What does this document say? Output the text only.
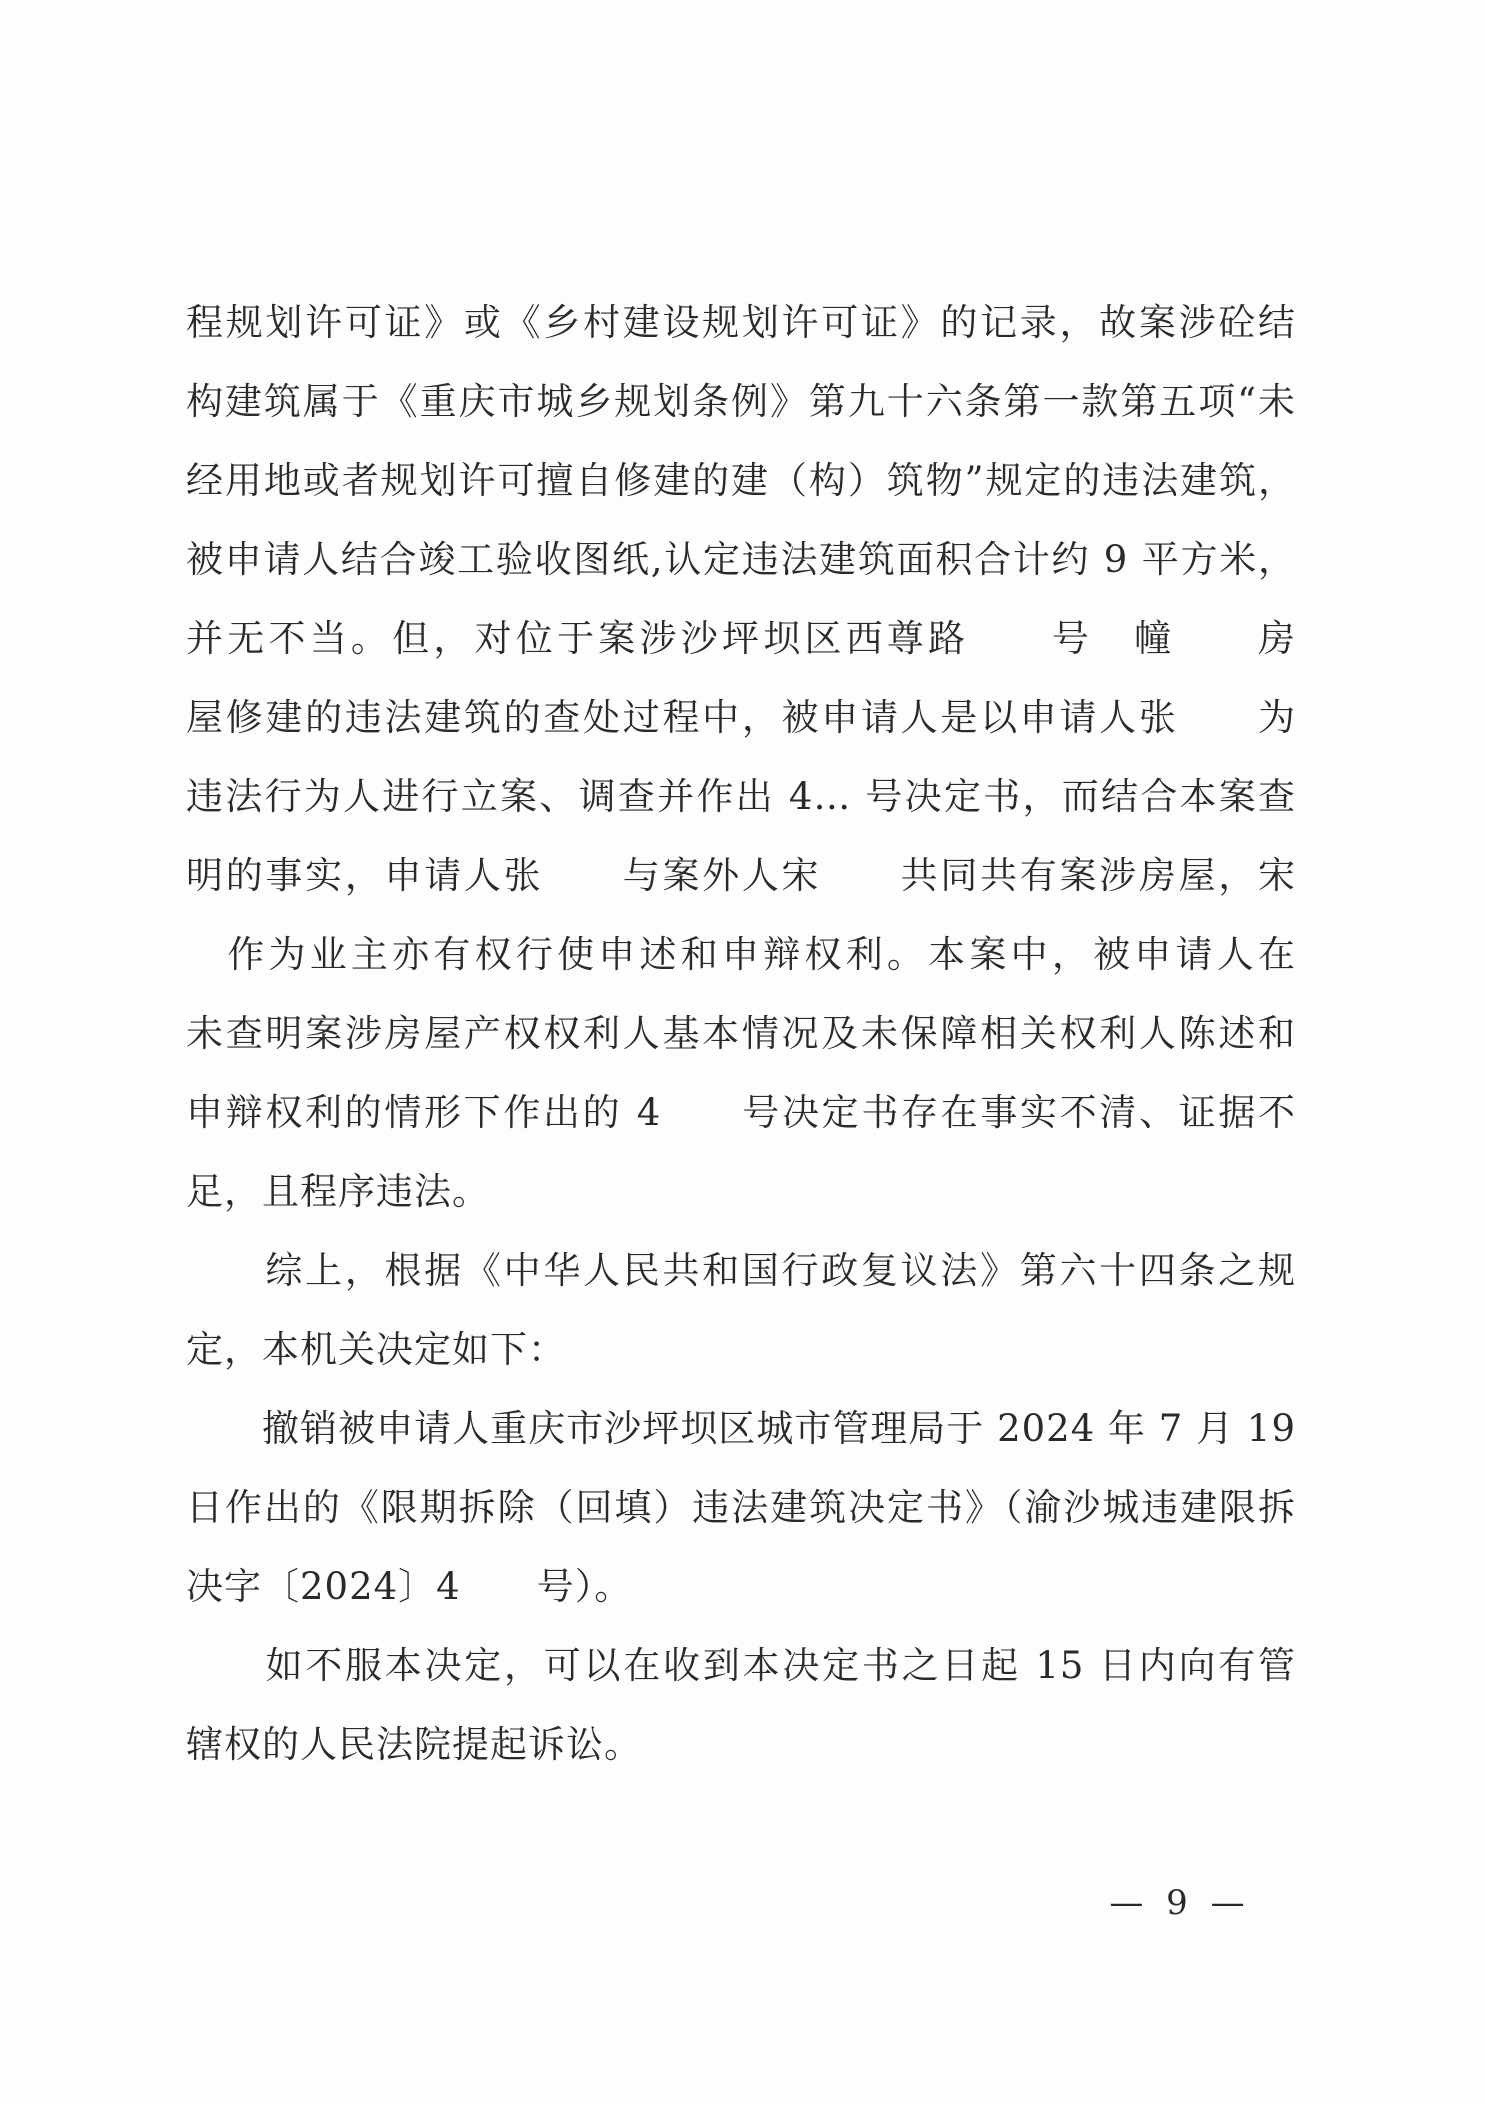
程规划许可证》或《乡村建设规划许可证》的记录，故案涉砼结
构建筑属于《重庆市城乡规划条例》第九十六条第一款第五项“未
经用地或者规划许可擅自修建的建（构）筑物”规定的违法建筑，
被申请人结合竣工验收图纸,认定违法建筑面积合计约 9 平方米，
并无不当。但，对位于案涉沙坪坝区西尊路　　号　幢　　房
屋修建的违法建筑的查处过程中，被申请人是以申请人张　　为
违法行为人进行立案、调查并作出 4… 号决定书，而结合本案查
明的事实，申请人张　　与案外人宋　　共同共有案涉房屋，宋
　作为业主亦有权行使申述和申辩权利。本案中，被申请人在
未查明案涉房屋产权权利人基本情况及未保障相关权利人陈述和
申辩权利的情形下作出的 4　　号决定书存在事实不清、证据不
足，且程序违法。
　　综上，根据《中华人民共和国行政复议法》第六十四条之规
定，本机关决定如下：
　　撤销被申请人重庆市沙坪坝区城市管理局于 2024 年 7 月 19
日作出的《限期拆除（回填）违法建筑决定书》（渝沙城违建限拆
决字〔2024〕4　　号）。
　　如不服本决定，可以在收到本决定书之日起 15 日内向有管
辖权的人民法院提起诉讼。
— 9 —
